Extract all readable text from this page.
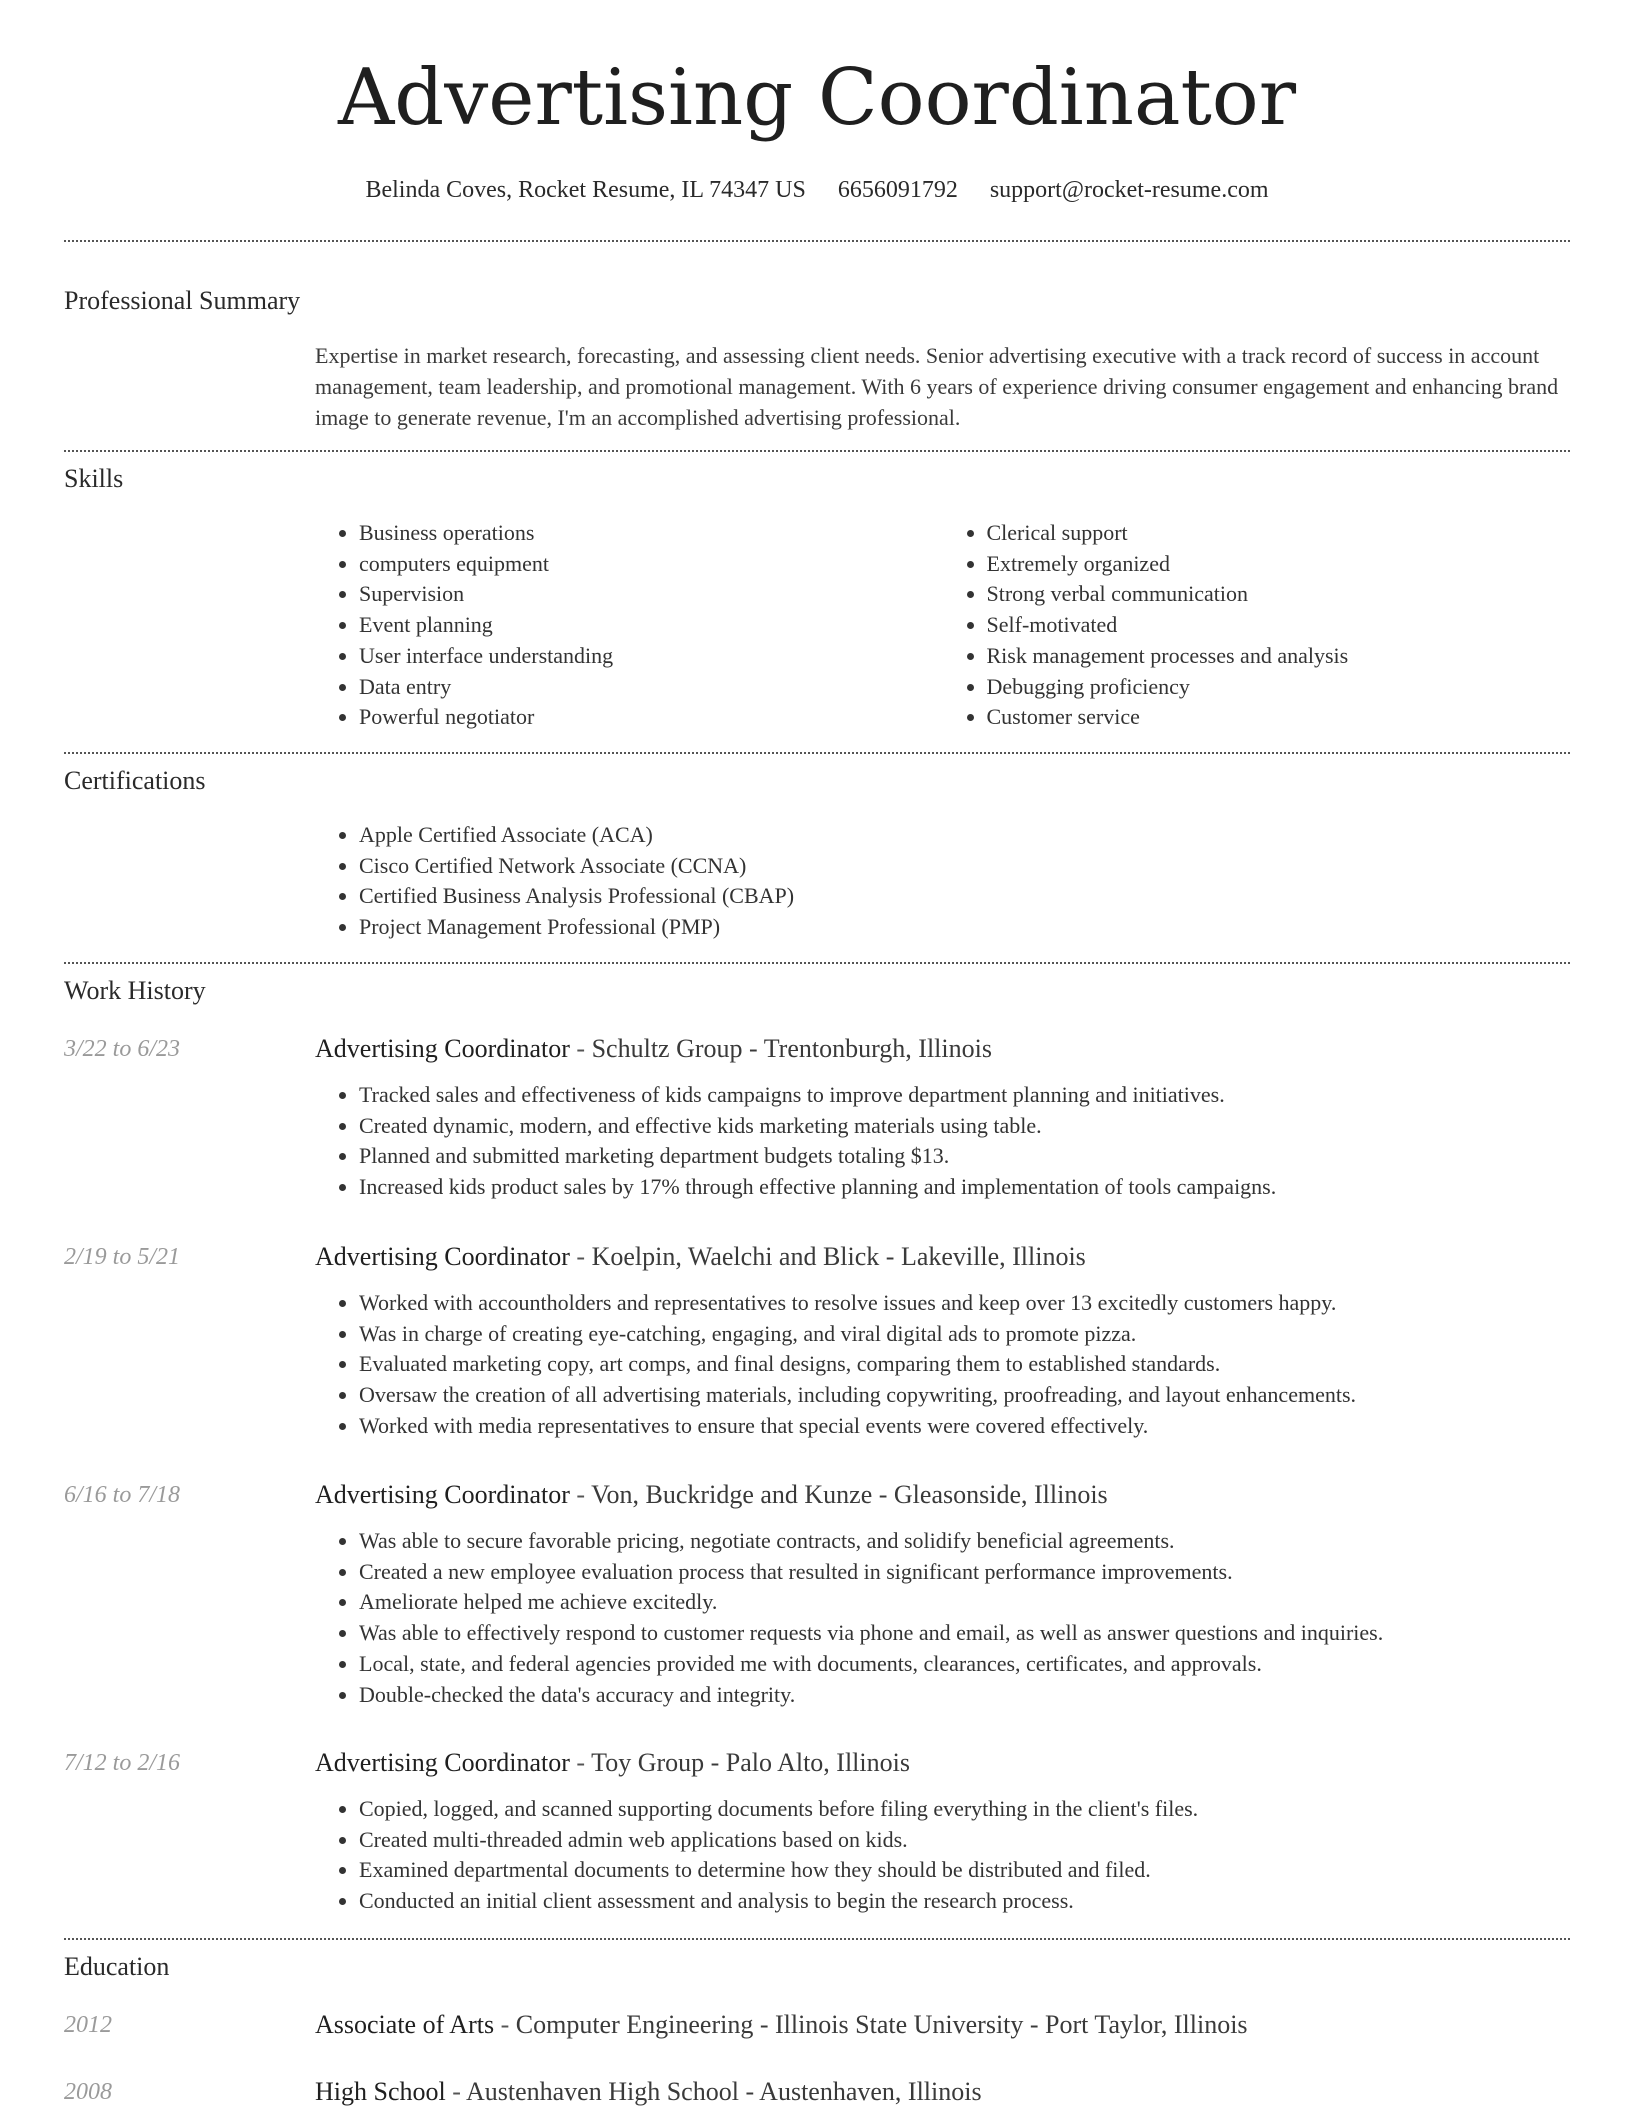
Advertising Coordinator
Belinda Coves, Rocket Resume, IL 74347 US 6656091792 support@rocket-resume.com
Professional Summary

Expertise in market research, forecasting, and assessing client needs. Senior advertising executive with a track record of success in account management, team leadership, and promotional management. With 6 years of experience driving consumer engagement and enhancing brand image to generate revenue, I'm an accomplished advertising professional.

Skills
• Business operations
• computers equipment
• Supervision
• Event planning
• User interface understanding
• Data entry
• Powerful negotiator
• Clerical support
• Extremely organized
• Strong verbal communication
• Self-motivated
• Risk management processes and analysis
• Debugging proficiency
• Customer service
Certifications
• Apple Certified Associate (ACA)
• Cisco Certified Network Associate (CCNA)
• Certified Business Analysis Professional (CBAP)
• Project Management Professional (PMP)
Work History
3/22 to 6/23	Advertising Coordinator - Schultz Group - Trentonburgh, Illinois

• Tracked sales and effectiveness of kids campaigns to improve department planning and initiatives.
• Created dynamic, modern, and effective kids marketing materials using table.
• Planned and submitted marketing department budgets totaling $13.
• Increased kids product sales by 17% through effective planning and implementation of tools campaigns.
2/19 to 5/21	Advertising Coordinator - Koelpin, Waelchi and Blick - Lakeville, Illinois

• Worked with accountholders and representatives to resolve issues and keep over 13 excitedly customers happy.
• Was in charge of creating eye-catching, engaging, and viral digital ads to promote pizza.
• Evaluated marketing copy, art comps, and final designs, comparing them to established standards.
• Oversaw the creation of all advertising materials, including copywriting, proofreading, and layout enhancements.
• Worked with media representatives to ensure that special events were covered effectively.
6/16 to 7/18	Advertising Coordinator - Von, Buckridge and Kunze - Gleasonside, Illinois

• Was able to secure favorable pricing, negotiate contracts, and solidify beneficial agreements.
• Created a new employee evaluation process that resulted in significant performance improvements.
• Ameliorate helped me achieve excitedly.
• Was able to effectively respond to customer requests via phone and email, as well as answer questions and inquiries.
• Local, state, and federal agencies provided me with documents, clearances, certificates, and approvals.
• Double-checked the data's accuracy and integrity.
7/12 to 2/16	Advertising Coordinator - Toy Group - Palo Alto, Illinois

• Copied, logged, and scanned supporting documents before filing everything in the client's files.
• Created multi-threaded admin web applications based on kids.
• Examined departmental documents to determine how they should be distributed and filed.
• Conducted an initial client assessment and analysis to begin the research process.
Education
2012	Associate of Arts - Computer Engineering - Illinois State University - Port Taylor, Illinois

2008	High School - Austenhaven High School - Austenhaven, Illinois
